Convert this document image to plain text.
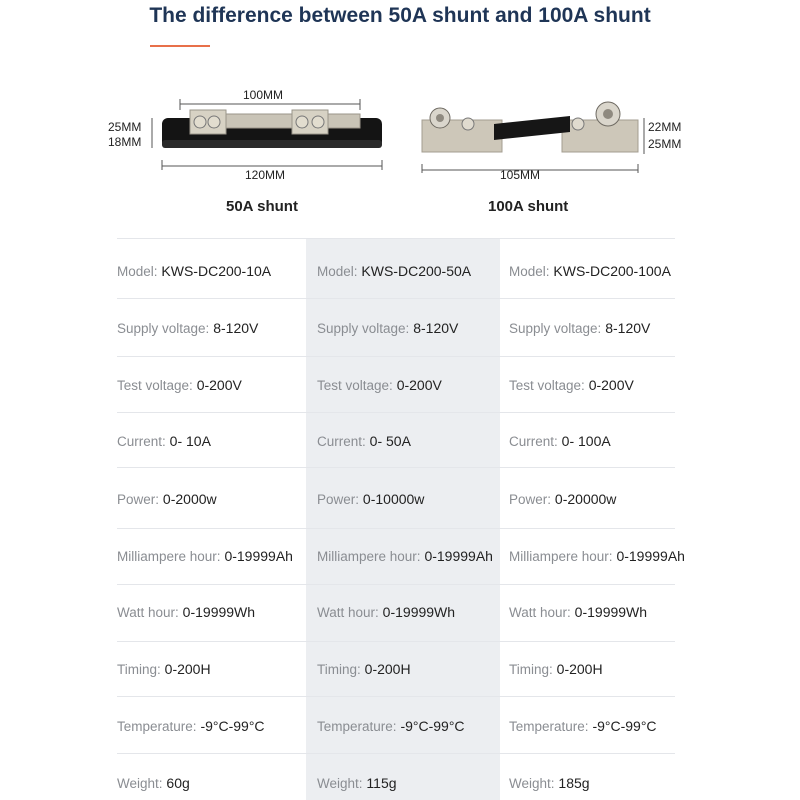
The difference between 50A shunt and 100A shunt
100MM
25MM
18MM
120MM
50A shunt
22MM
25MM
105MM
100A shunt
Model: KWS-DC200-10A
Supply voltage: 8-120V
Test voltage: 0-200V
Current: 0- 10A
Power: 0-2000w
Milliampere hour: 0-19999Ah
Watt hour: 0-19999Wh
Timing: 0-200H
Temperature: -9°C-99°C
Weight: 60g
Model: KWS-DC200-50A
Supply voltage: 8-120V
Test voltage: 0-200V
Current: 0- 50A
Power: 0-10000w
Milliampere hour: 0-19999Ah
Watt hour: 0-19999Wh
Timing: 0-200H
Temperature: -9°C-99°C
Weight: 115g
Model: KWS-DC200-100A
Supply voltage: 8-120V
Test voltage: 0-200V
Current: 0- 100A
Power: 0-20000w
Milliampere hour: 0-19999Ah
Watt hour: 0-19999Wh
Timing: 0-200H
Temperature: -9°C-99°C
Weight: 185g
